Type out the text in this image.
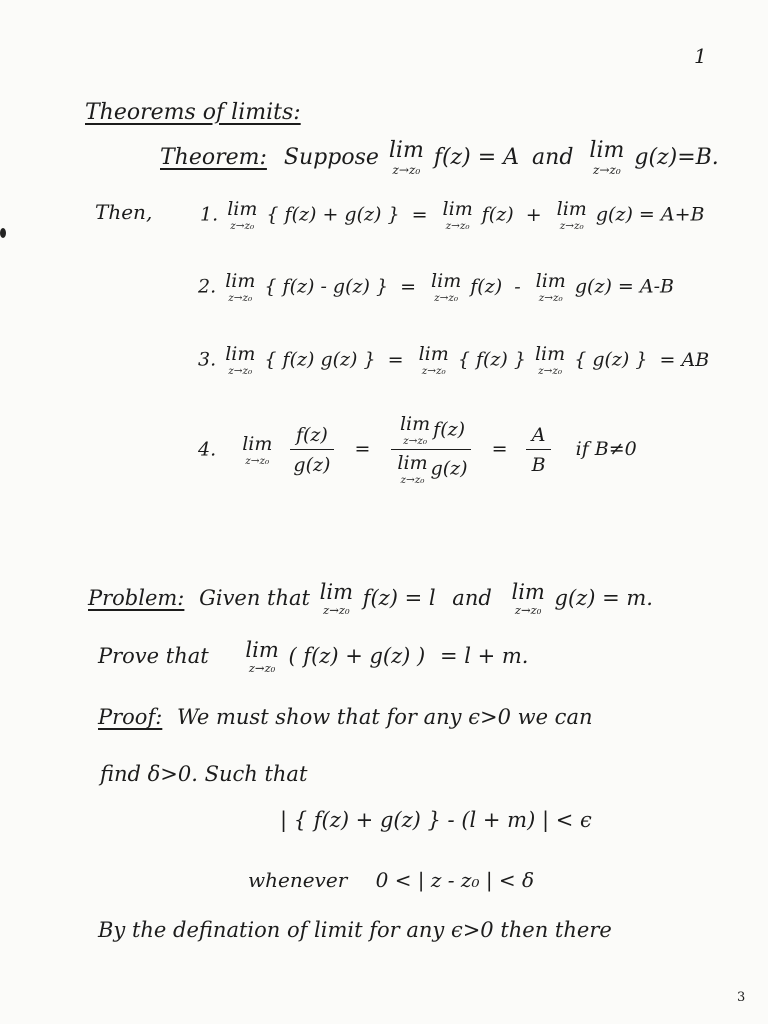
1
Theorems of limits:
Theorem: Suppose lim
z→z₀ f(z) = A and lim
z→z₀ g(z)=B.
Then,	1. lim
z→z₀
{ f(z) + g(z) } = lim
z→z₀
f(z) + lim
z→z₀
g(z) = A+B
2. lim
z→z₀
{ f(z) - g(z) } = lim
z→z₀
f(z) - lim
z→z₀
g(z) = A-B
3. lim
z→z₀
{ f(z) g(z) } = lim
z→z₀
{ f(z) } lim
z→z₀
{ g(z) } = AB
4. lim
z→z₀
$\frac{f(z)}{g(z)} = \lim$
z→z₀
f(z)
lim
z→z₀
$g(z) = \frac{A}{B}$ if B≠0
Problem: Given that lim
z→z₀
f(z) = l and lim
z→z₀
g(z) = m.
Prove that lim
z→z₀
( f(z) + g(z) ) = l + m.
Proof: We must show that for any ϵ>0 we can
find δ>0. Such that
| { f(z) + g(z) } - (l + m) | < ϵ
whenever 0 < | z - z₀ | < δ
By the defination of limit for any ϵ>0 then there
3
